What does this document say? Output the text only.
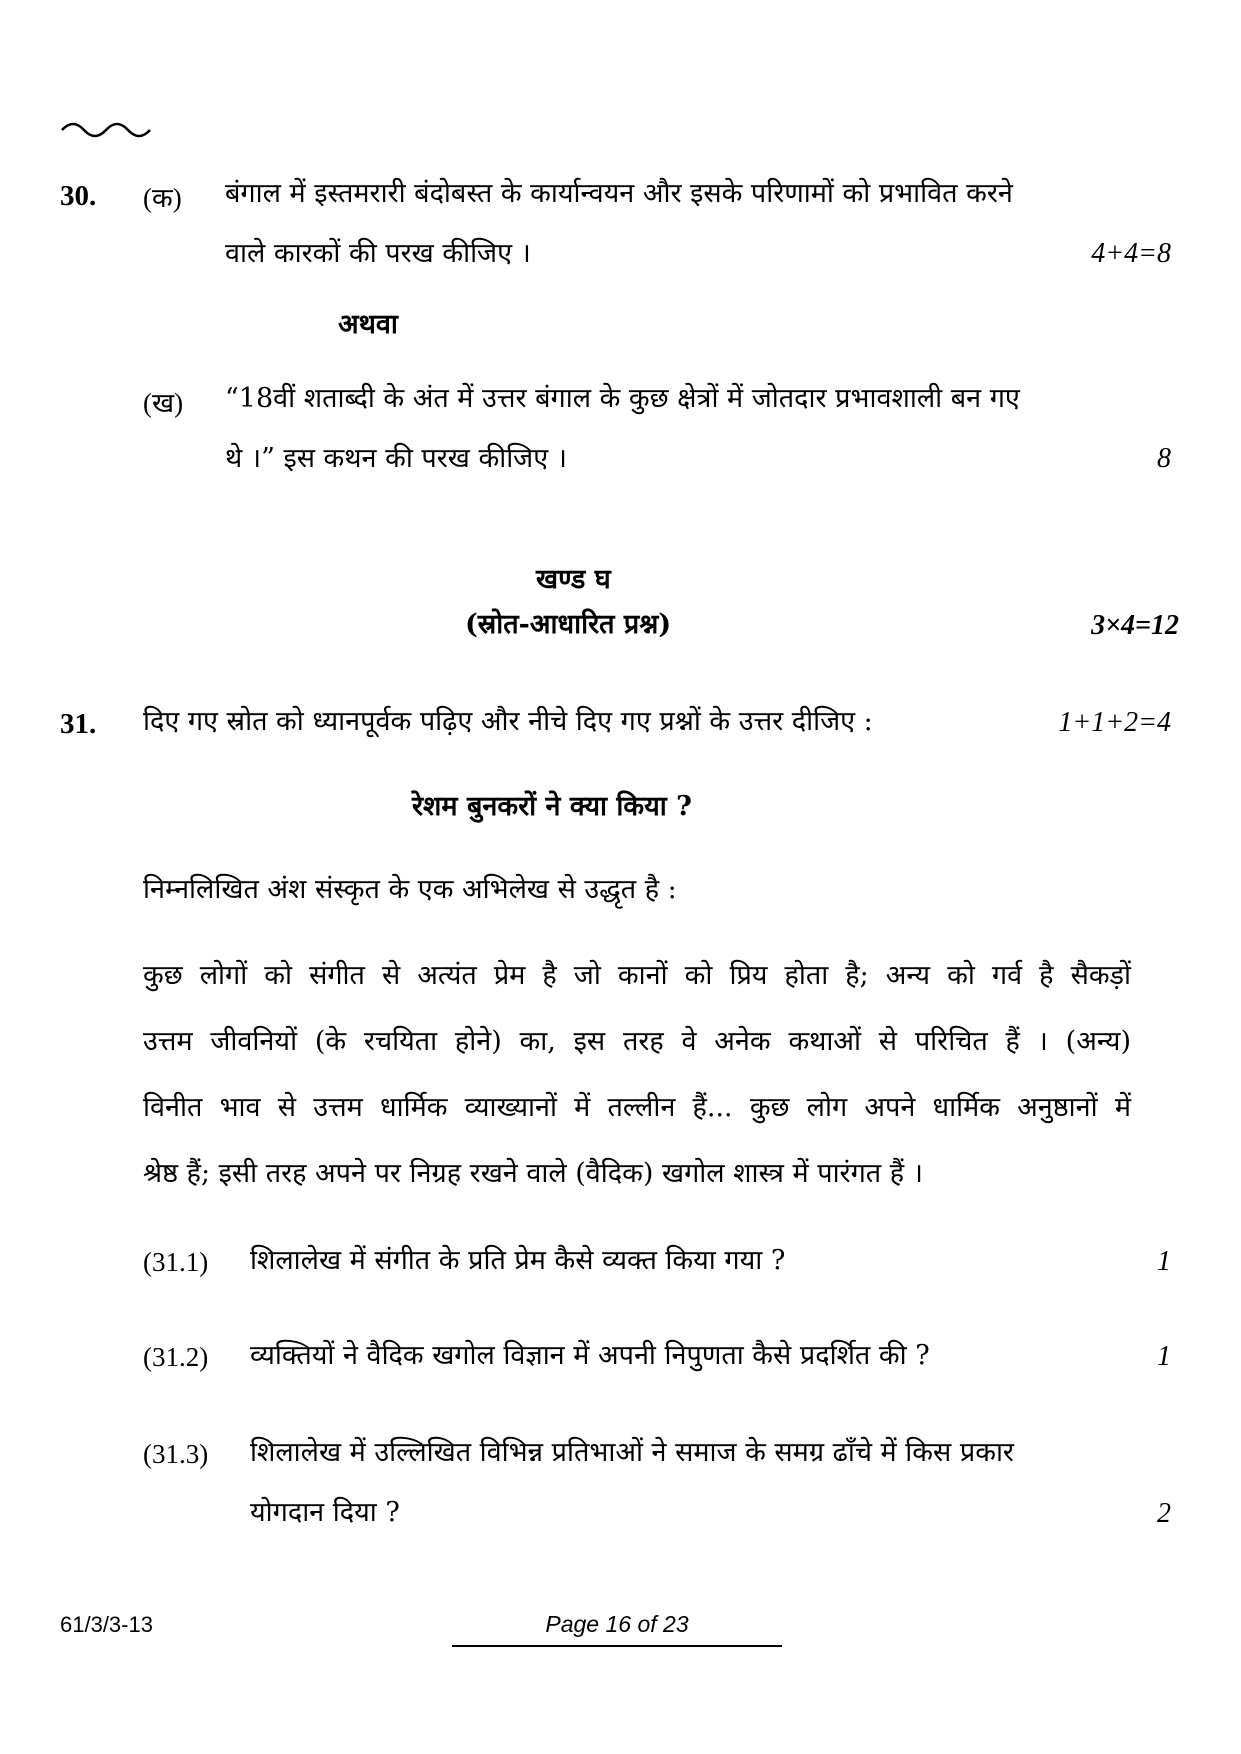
30. (क) बंगाल में इस्तमरारी बंदोबस्त के कार्यान्वयन और इसके परिणामों को प्रभावित करने
वाले कारकों की परख कीजिए ।	4+4=8
अथवा
(ख) “18वीं शताब्दी के अंत में उत्तर बंगाल के कुछ क्षेत्रों में जोतदार प्रभावशाली बन गए
थे ।” इस कथन की परख कीजिए ।	8
खण्ड घ
(स्रोत-आधारित प्रश्न)	3×4=12
31. दिए गए स्रोत को ध्यानपूर्वक पढ़िए और नीचे दिए गए प्रश्नों के उत्तर दीजिए :	1+1+2=4
रेशम बुनकरों ने क्या किया ?
निम्नलिखित अंश संस्कृत के एक अभिलेख से उद्धृत है :
कुछ लोगों को संगीत से अत्यंत प्रेम है जो कानों को प्रिय होता है; अन्य को गर्व है सैकड़ों
उत्तम जीवनियों (के रचयिता होने) का, इस तरह वे अनेक कथाओं से परिचित हैं । (अन्य)
विनीत भाव से उत्तम धार्मिक व्याख्यानों में तल्लीन हैं... कुछ लोग अपने धार्मिक अनुष्ठानों में
श्रेष्ठ हैं; इसी तरह अपने पर निग्रह रखने वाले (वैदिक) खगोल शास्त्र में पारंगत हैं ।
(31.1) शिलालेख में संगीत के प्रति प्रेम कैसे व्यक्त किया गया ?	1
(31.2) व्यक्तियों ने वैदिक खगोल विज्ञान में अपनी निपुणता कैसे प्रदर्शित की ?	1
(31.3) शिलालेख में उल्लिखित विभिन्न प्रतिभाओं ने समाज के समग्र ढाँचे में किस प्रकार
योगदान दिया ?	2
61/3/3-13	Page 16 of 23
